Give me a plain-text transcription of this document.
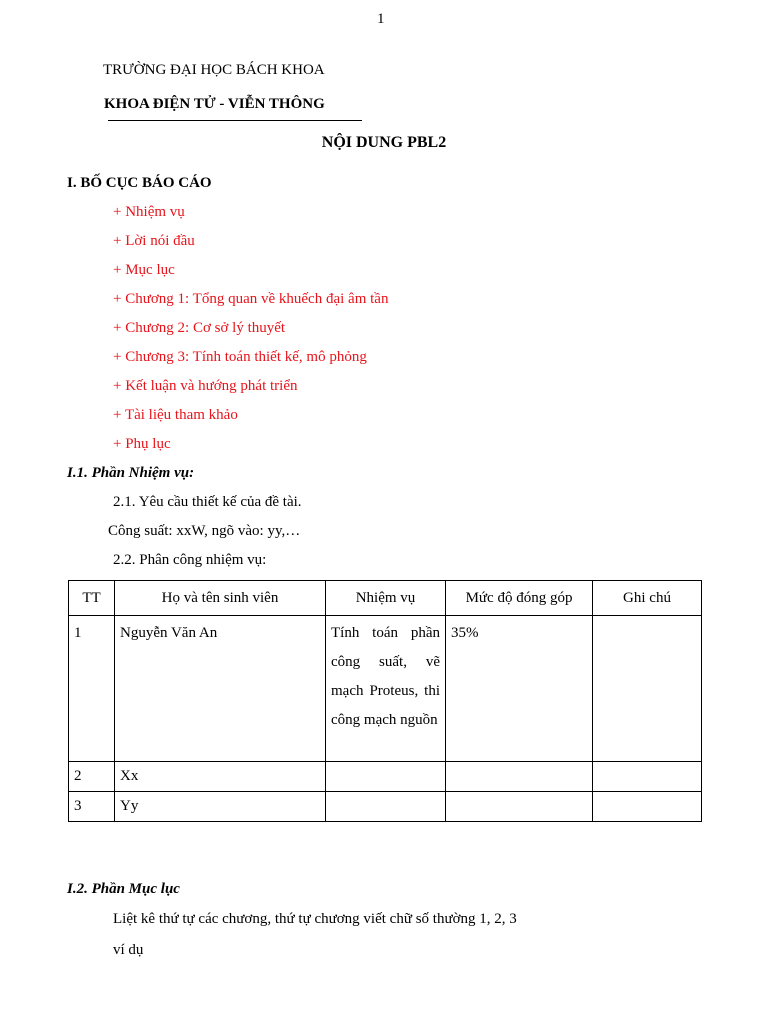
1
TRƯỜNG ĐẠI HỌC BÁCH KHOA
KHOA ĐIỆN TỬ - VIỄN THÔNG
NỘI DUNG PBL2
I. BỐ CỤC BÁO CÁO
+ Nhiệm vụ
+ Lời nói đầu
+ Mục lục
+ Chương 1: Tổng quan về khuếch đại âm tần
+ Chương 2: Cơ sở lý thuyết
+ Chương 3: Tính toán thiết kế, mô phỏng
+ Kết luận và hướng phát triển
+ Tài liệu tham khảo
+ Phụ lục
I.1. Phần Nhiệm vụ:
2.1. Yêu cầu thiết kế của đề tài.
Công suất: xxW, ngõ vào: yy,…
2.2. Phân công nhiệm vụ:
TT	Họ và tên sinh viên	Nhiệm vụ	Mức độ đóng góp	Ghi chú
1	Nguyễn Văn An	Tính toán phần công suất, vẽ mạch Proteus, thi công mạch nguồn	35%	
2	Xx			
3	Yy			
I.2. Phần Mục lục
Liệt kê thứ tự các chương, thứ tự chương viết chữ số thường 1, 2, 3
ví dụ
